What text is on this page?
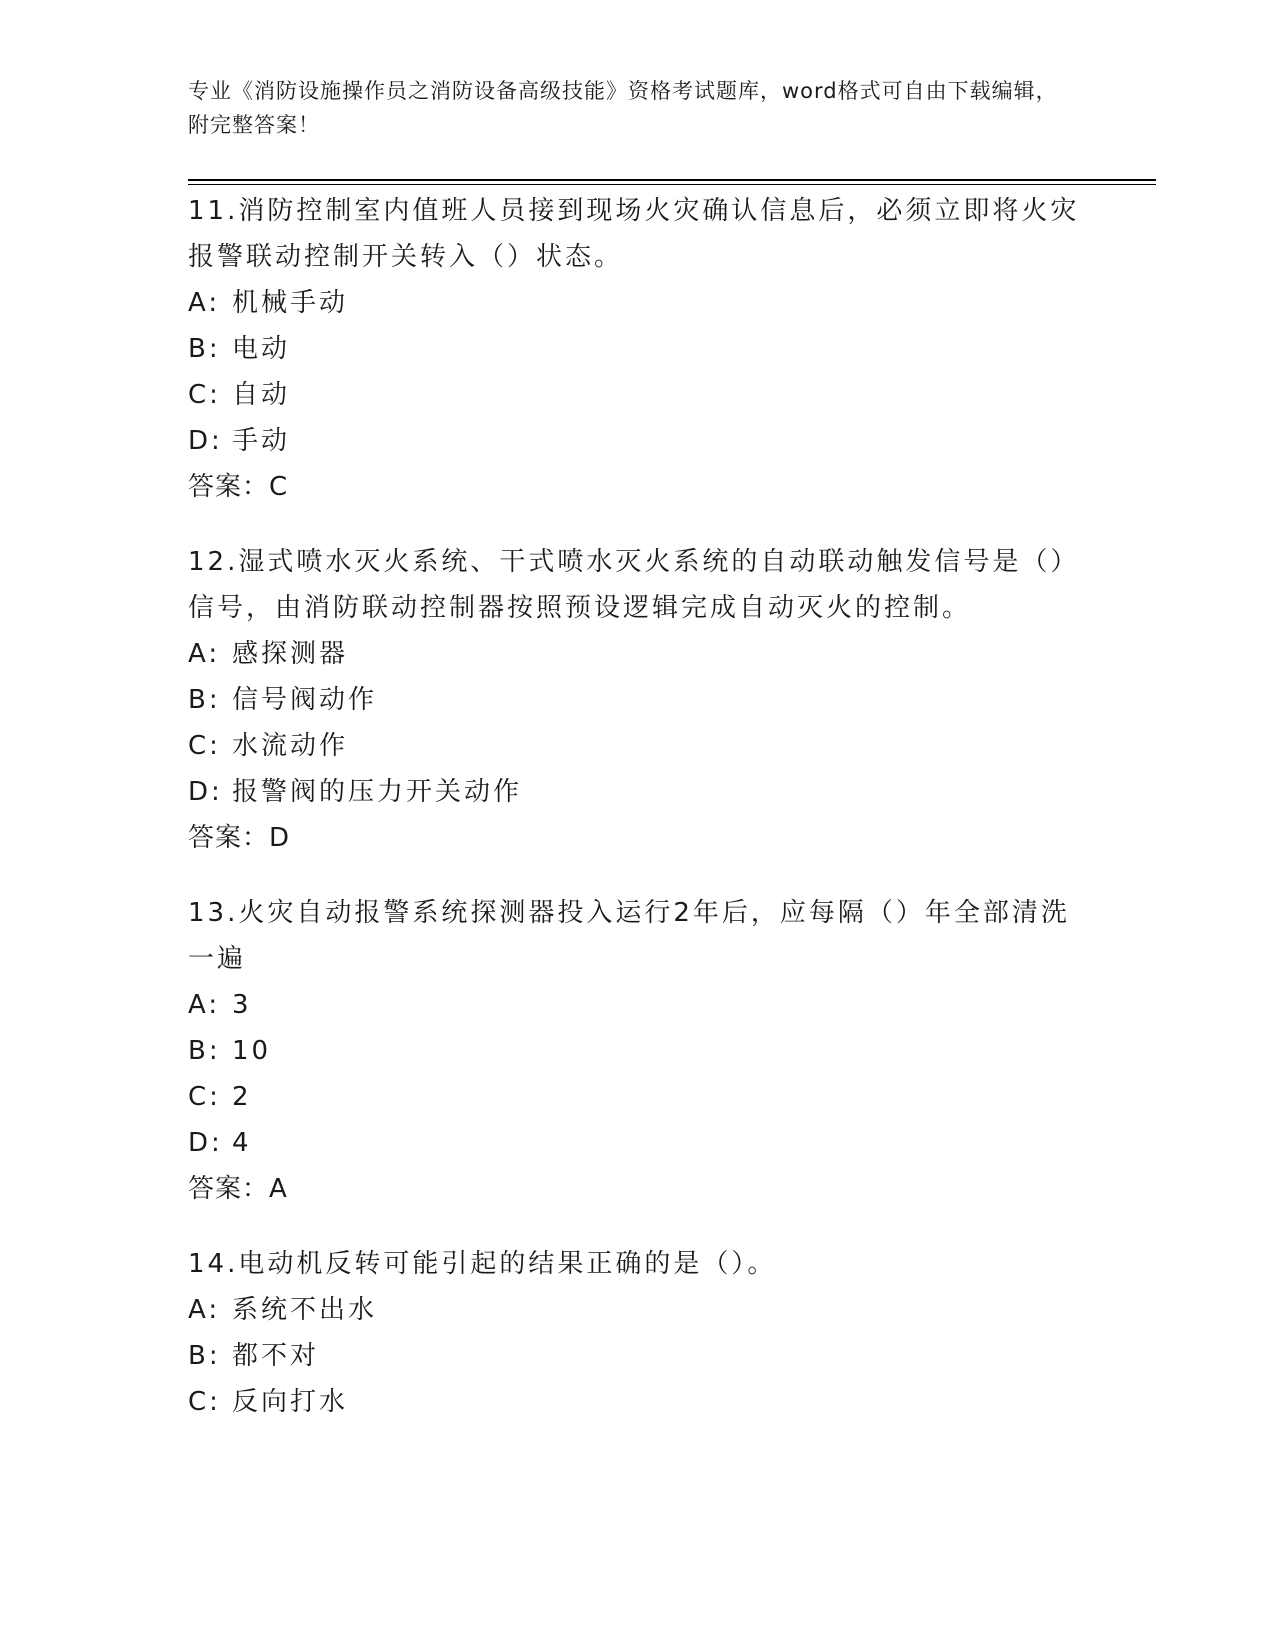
专业《消防设施操作员之消防设备高级技能》资格考试题库，word格式可自由下载编辑，附完整答案！

11.消防控制室内值班人员接到现场火灾确认信息后，必须立即将火灾报警联动控制开关转入（）状态。

A: 机械手动

B: 电动

C: 自动

D: 手动

答案：C

12.湿式喷水灭火系统、干式喷水灭火系统的自动联动触发信号是（）信号，由消防联动控制器按照预设逻辑完成自动灭火的控制。

A: 感探测器

B: 信号阀动作

C: 水流动作

D: 报警阀的压力开关动作

答案：D

13.火灾自动报警系统探测器投入运行2年后，应每隔（）年全部清洗一遍

A: 3

B: 10

C: 2

D: 4

答案：A

14.电动机反转可能引起的结果正确的是（）。

A: 系统不出水

B: 都不对

C: 反向打水
